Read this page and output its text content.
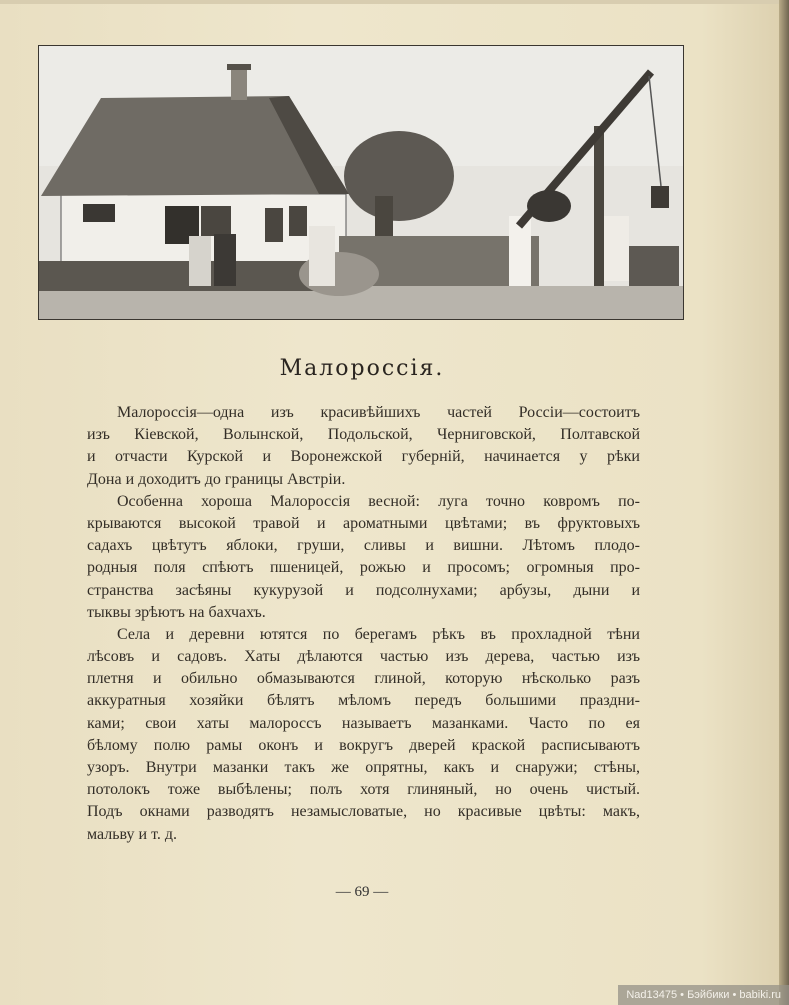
Малороссія.
Малороссія—одна изъ красивѣйшихъ частей Россіи—состоитъ
изъ Кіевской, Волынской, Подольской, Черниговской, Полтавской
и отчасти Курской и Воронежской губерній, начинается у рѣки
Дона и доходитъ до границы Австріи.
Особенна хороша Малороссія весной: луга точно ковромъ по-
крываются высокой травой и ароматными цвѣтами; въ фруктовыхъ
садахъ цвѣтутъ яблоки, груши, сливы и вишни. Лѣтомъ плодо-
родныя поля спѣютъ пшеницей, рожью и просомъ; огромныя про-
странства засѣяны кукурузой и подсолнухами; арбузы, дыни и
тыквы зрѣютъ на бахчахъ.
Села и деревни ютятся по берегамъ рѣкъ въ прохладной тѣни
лѣсовъ и садовъ. Хаты дѣлаются частью изъ дерева, частью изъ
плетня и обильно обмазываются глиной, которую нѣсколько разъ
аккуратныя хозяйки бѣлятъ мѣломъ передъ большими праздни-
ками; свои хаты малороссъ называетъ мазанками. Часто по ея
бѣлому полю рамы оконъ и вокругъ дверей краской расписываютъ
узоръ. Внутри мазанки такъ же опрятны, какъ и снаружи; стѣны,
потолокъ тоже выбѣлены; полъ хотя глиняный, но очень чистый.
Подъ окнами разводятъ незамысловатые, но красивые цвѣты: макъ,
мальву и т. д.
— 69 —
Nad13475 • Бэйбики • babiki.ru
